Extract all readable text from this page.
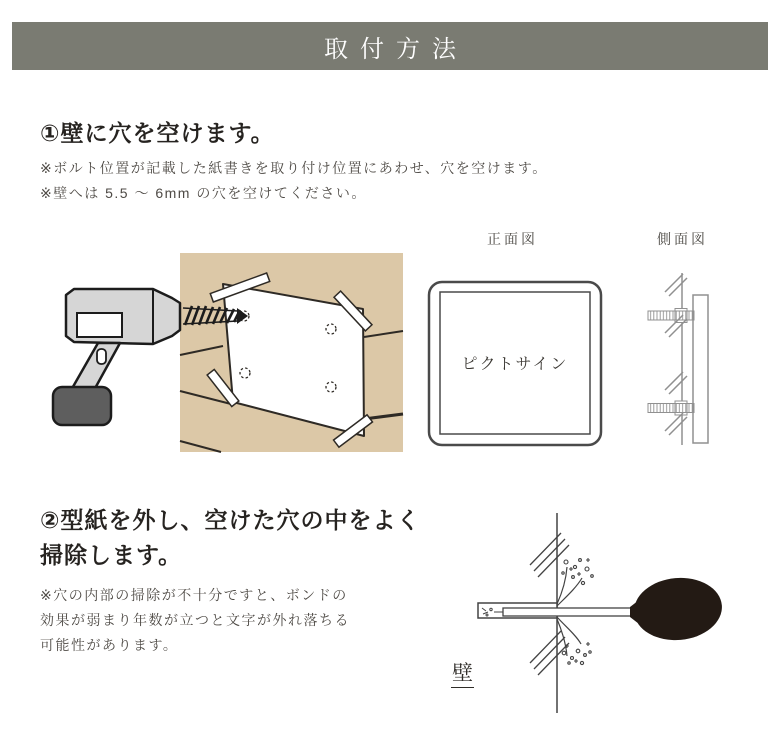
取付方法
①壁に穴を空けます。
※ボルト位置が記載した紙書きを取り付け位置にあわせ、穴を空けます。
※壁へは 5.5 〜 6mm の穴を空けてください。
正面図	側面図
ピクトサイン
②型紙を外し、空けた穴の中をよく
掃除します。
※穴の内部の掃除が不十分ですと、ボンドの
効果が弱まり年数が立つと文字が外れ落ちる
可能性があります。
壁
